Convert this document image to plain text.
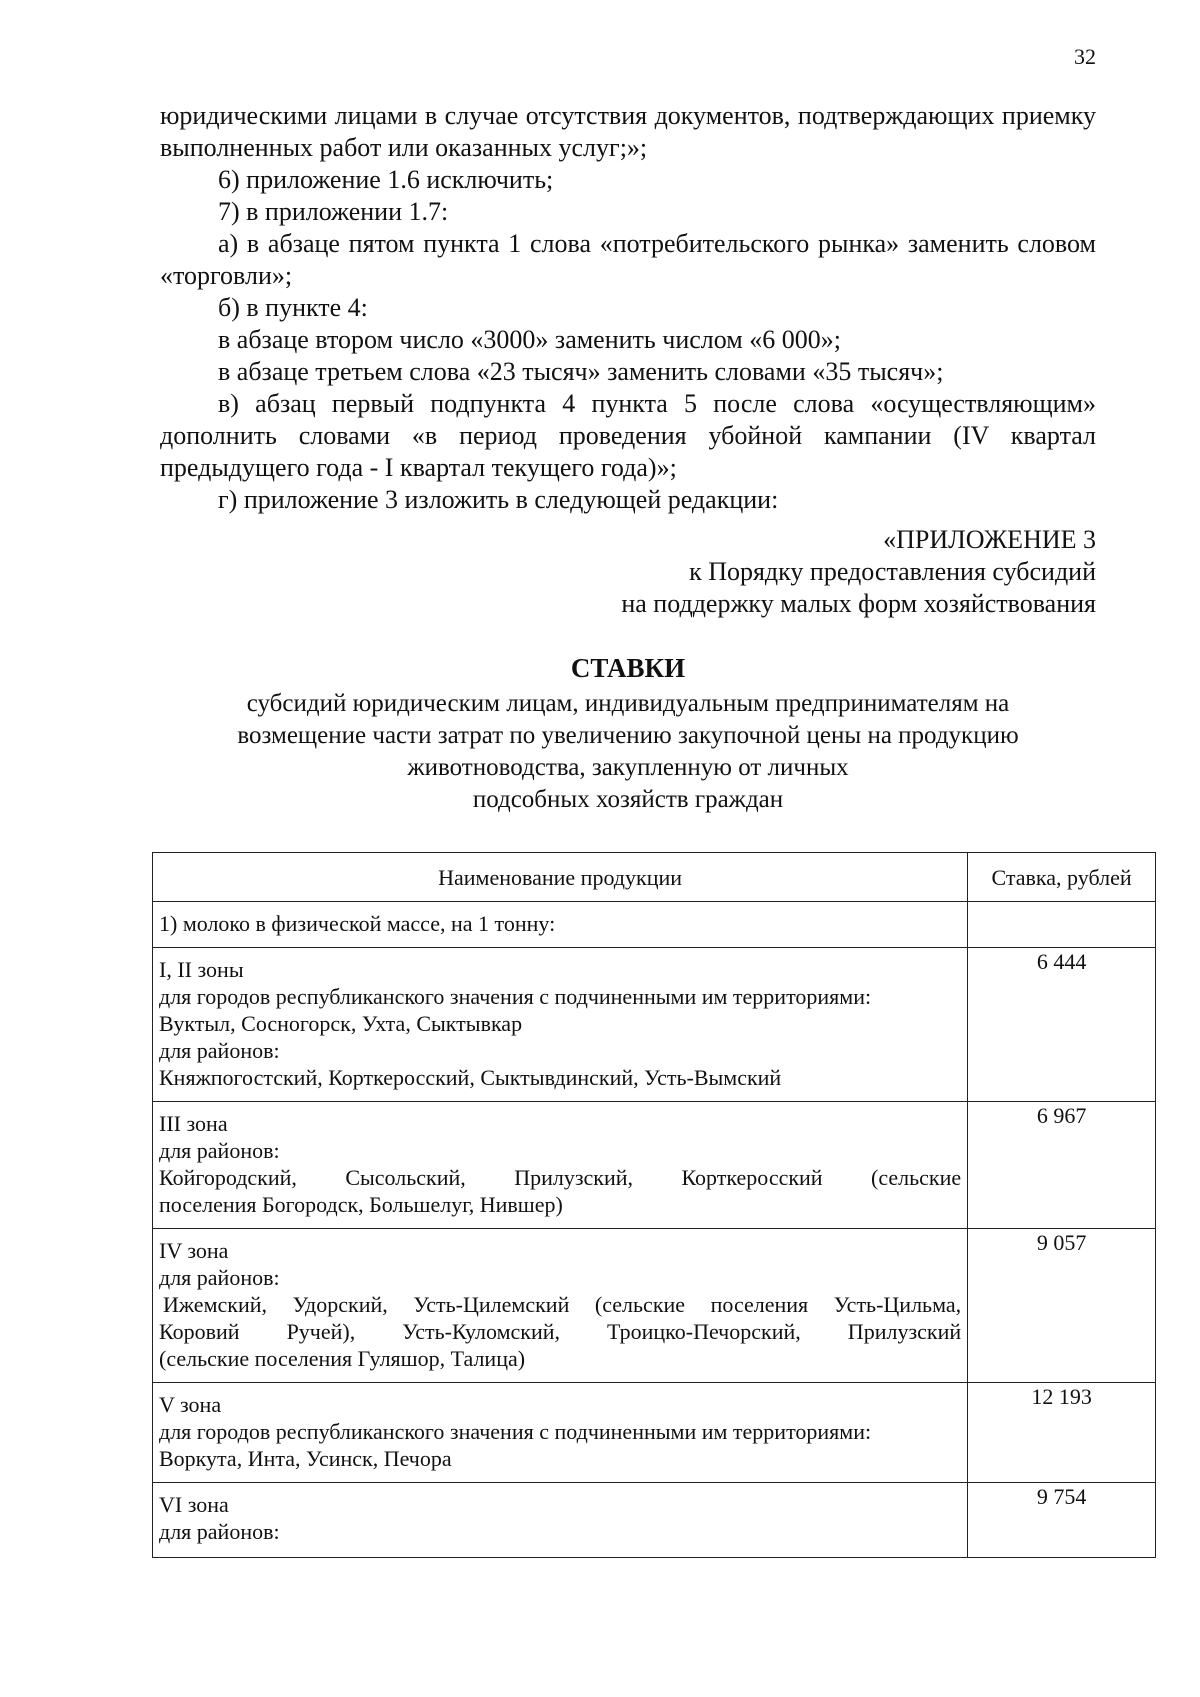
32

юридическими лицами в случае отсутствия документов, подтверждающих приемку выполненных работ или оказанных услуг;»;

6) приложение 1.6 исключить;

7) в приложении 1.7:

а) в абзаце пятом пункта 1 слова «потребительского рынка» заменить словом «торговли»;

б) в пункте 4:

в абзаце втором число «3000» заменить числом «6 000»;

в абзаце третьем слова «23 тысяч» заменить словами «35 тысяч»;

в) абзац первый подпункта 4 пункта 5 после слова «осуществляющим» дополнить словами «в период проведения убойной кампании (IV квартал предыдущего года - I квартал текущего года)»;

г) приложение 3 изложить в следующей редакции:

«ПРИЛОЖЕНИЕ 3
к Порядку предоставления субсидий
на поддержку малых форм хозяйствования
СТАВКИ
субсидий юридическим лицам, индивидуальным предпринимателям на
возмещение части затрат по увеличению закупочной цены на продукцию
животноводства, закупленную от личных
подсобных хозяйств граждан
Наименование продукции	Ставка, рублей

1) молоко в физической массе, на 1 тонну:	

I, II зоны
для городов республиканского значения с подчиненными им территориями:
Вуктыл, Сосногорск, Ухта, Сыктывкар
для районов:
Княжпогостский, Корткеросский, Сыктывдинский, Усть-Вымский	6 444

III зона
для районов:
Койгородский, Сысольский, Прилузский, Корткеросский (сельские
поселения Богородск, Большелуг, Нившер)	6 967

IV зона
для районов:
Ижемский, Удорский, Усть-Цилемский (сельские поселения Усть-Цильма,
Коровий Ручей), Усть-Куломский, Троицко-Печорский, Прилузский
(сельские поселения Гуляшор, Талица)	9 057

V зона
для городов республиканского значения с подчиненными им территориями:
Воркута, Инта, Усинск, Печора	12 193

VI зона
для районов:	9 754
